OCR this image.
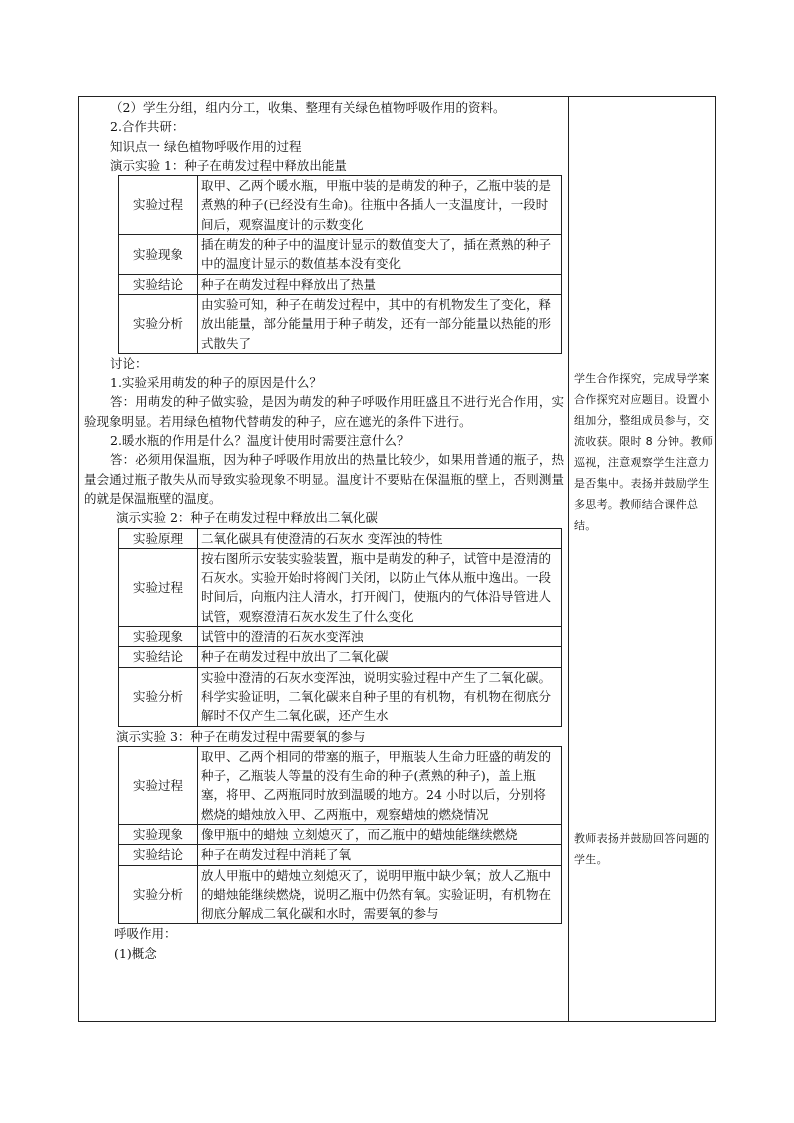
（2）学生分组，组内分工，收集、整理有关绿色植物呼吸作用的资料。
2.合作共研：
知识点一 绿色植物呼吸作用的过程
演示实验 1：种子在萌发过程中释放出能量
实验过程	取甲、乙两个暖水瓶，甲瓶中装的是萌发的种子，乙瓶中装的是煮熟的种子(已经没有生命)。往瓶中各插人一支温度计，一段时间后，观察温度计的示数变化
实验现象	插在萌发的种子中的温度计显示的数值变大了，插在煮熟的种子中的温度计显示的数值基本没有变化
实验结论	种子在萌发过程中释放出了热量
实验分析	由实验可知，种子在萌发过程中，其中的有机物发生了变化，释放出能量，部分能量用于种子萌发，还有一部分能量以热能的形式散失了
讨论：
1.实验采用萌发的种子的原因是什么？
答：用萌发的种子做实验，是因为萌发的种子呼吸作用旺盛且不进行光合作用，实验现象明显。若用绿色植物代替萌发的种子，应在遮光的条件下进行。
2.暖水瓶的作用是什么？温度计使用时需要注意什么？
答：必须用保温瓶，因为种子呼吸作用放出的热量比较少，如果用普通的瓶子，热量会通过瓶子散失从而导致实验现象不明显。温度计不要贴在保温瓶的壁上，否则测量的就是保温瓶壁的温度。
演示实验 2：种子在萌发过程中释放出二氧化碳
实验原理	二氧化碳具有使澄清的石灰水 变浑浊的特性
实验过程	按右图所示安装实验装置，瓶中是萌发的种子，试管中是澄清的石灰水。实验开始时将阀门关闭，以防止气体从瓶中逸出。一段时间后，向瓶内注人清水，打开阀门，使瓶内的气体沿导管进人试管，观察澄清石灰水发生了什么变化
实验现象	试管中的澄清的石灰水变浑浊
实验结论	种子在萌发过程中放出了二氧化碳
实验分析	实验中澄清的石灰水变浑浊，说明实验过程中产生了二氧化碳。科学实验证明，二氧化碳来自种子里的有机物，有机物在彻底分解时不仅产生二氧化碳，还产生水
演示实验 3：种子在萌发过程中需要氧的参与
实验过程	取甲、乙两个相同的带塞的瓶子，甲瓶装人生命力旺盛的萌发的种子，乙瓶装人等量的没有生命的种子(煮熟的种子)，盖上瓶塞，将甲、乙两瓶同时放到温暖的地方。24 小时以后，分别将燃烧的蜡烛放入甲、乙两瓶中，观察蜡烛的燃烧情况
实验现象	像甲瓶中的蜡烛 立刻熄灭了，而乙瓶中的蜡烛能继续燃烧
实验结论	种子在萌发过程中消耗了氧
实验分析	放人甲瓶中的蜡烛立刻熄灭了，说明甲瓶中缺少氧；放人乙瓶中的蜡烛能继续燃烧，说明乙瓶中仍然有氧。实验证明，有机物在彻底分解成二氧化碳和水时，需要氧的参与
呼吸作用：
(1)概念
学生合作探究，完成导学案合作探究对应题目。设置小组加分，整组成员参与，交流收获。限时 8 分钟。教师巡视，注意观察学生注意力是否集中。表扬并鼓励学生多思考。教师结合课件总结。
教师表扬并鼓励回答问题的学生。
